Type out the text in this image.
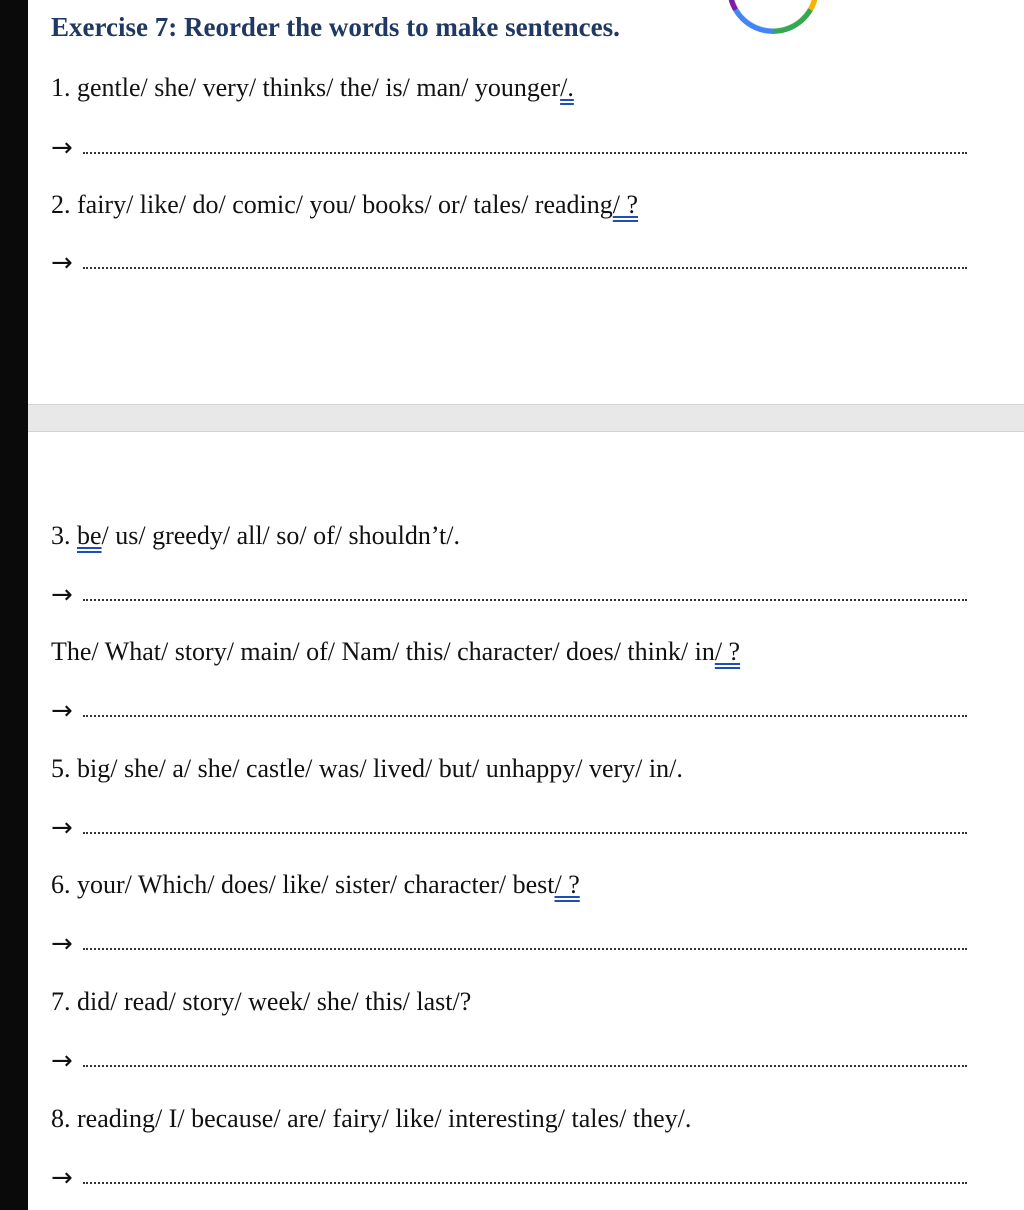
Exercise 7: Reorder the words to make sentences.
1. gentle/ she/ very/ thinks/ the/ is/ man/ younger/.
→
2. fairy/ like/ do/ comic/ you/ books/ or/ tales/ reading/ ?
→
3. be/ us/ greedy/ all/ so/ of/ shouldn’t/.
→
The/ What/ story/ main/ of/ Nam/ this/ character/ does/ think/ in/ ?
→
5. big/ she/ a/ she/ castle/ was/ lived/ but/ unhappy/ very/ in/.
→
6. your/ Which/ does/ like/ sister/ character/ best/ ?
→
7. did/ read/ story/ week/ she/ this/ last/?
→
8. reading/ I/ because/ are/ fairy/ like/ interesting/ tales/ they/.
→
